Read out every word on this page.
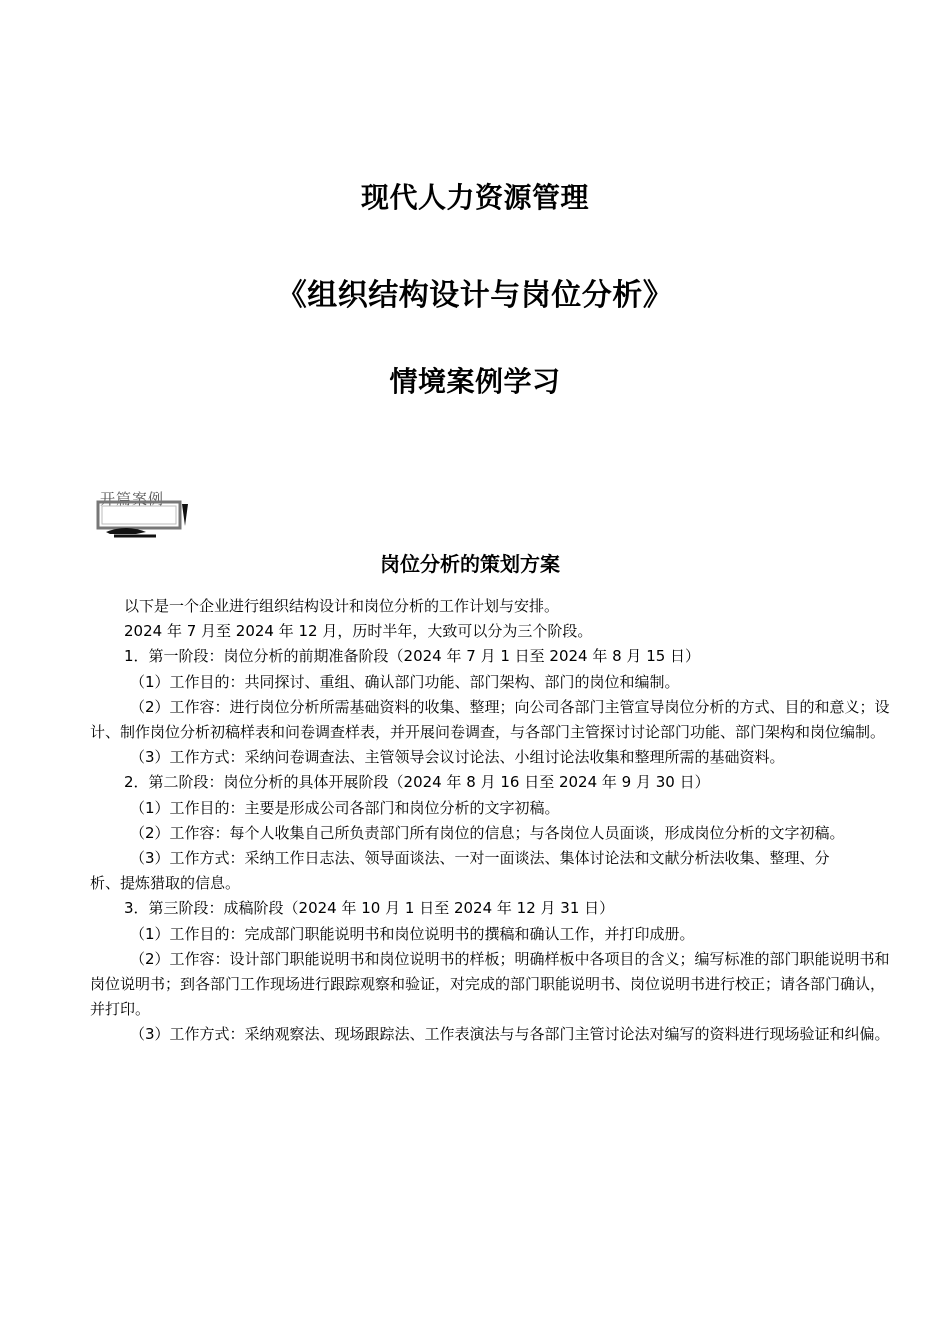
现代人力资源管理
《组织结构设计与岗位分析》
情境案例学习
开篇案例
岗位分析的策划方案

以下是一个企业进行组织结构设计和岗位分析的工作计划与安排。

2024 年 7 月至 2024 年 12 月，历时半年，大致可以分为三个阶段。

1．第一阶段：岗位分析的前期准备阶段（2024 年 7 月 1 日至 2024 年 8 月 15 日）

（1）工作目的：共同探讨、重组、确认部门功能、部门架构、部门的岗位和编制。

（2）工作容：进行岗位分析所需基础资料的收集、整理；向公司各部门主管宣导岗位分析的方式、目的和意义；设计、制作岗位分析初稿样表和问卷调查样表，并开展问卷调查，与各部门主管探讨讨论部门功能、部门架构和岗位编制。

（3）工作方式：采纳问卷调查法、主管领导会议讨论法、小组讨论法收集和整理所需的基础资料。

2．第二阶段：岗位分析的具体开展阶段（2024 年 8 月 16 日至 2024 年 9 月 30 日）

（1）工作目的：主要是形成公司各部门和岗位分析的文字初稿。

（2）工作容：每个人收集自己所负责部门所有岗位的信息；与各岗位人员面谈，形成岗位分析的文字初稿。

（3）工作方式：采纳工作日志法、领导面谈法、一对一面谈法、集体讨论法和文献分析法收集、整理、分

析、提炼猎取的信息。

3．第三阶段：成稿阶段（2024 年 10 月 1 日至 2024 年 12 月 31 日）

（1）工作目的：完成部门职能说明书和岗位说明书的撰稿和确认工作，并打印成册。

（2）工作容：设计部门职能说明书和岗位说明书的样板；明确样板中各项目的含义；编写标准的部门职能说明书和岗位说明书；到各部门工作现场进行跟踪观察和验证，对完成的部门职能说明书、岗位说明书进行校正；请各部门确认，并打印。

（3）工作方式：采纳观察法、现场跟踪法、工作表演法与与各部门主管讨论法对编写的资料进行现场验证和纠偏。
